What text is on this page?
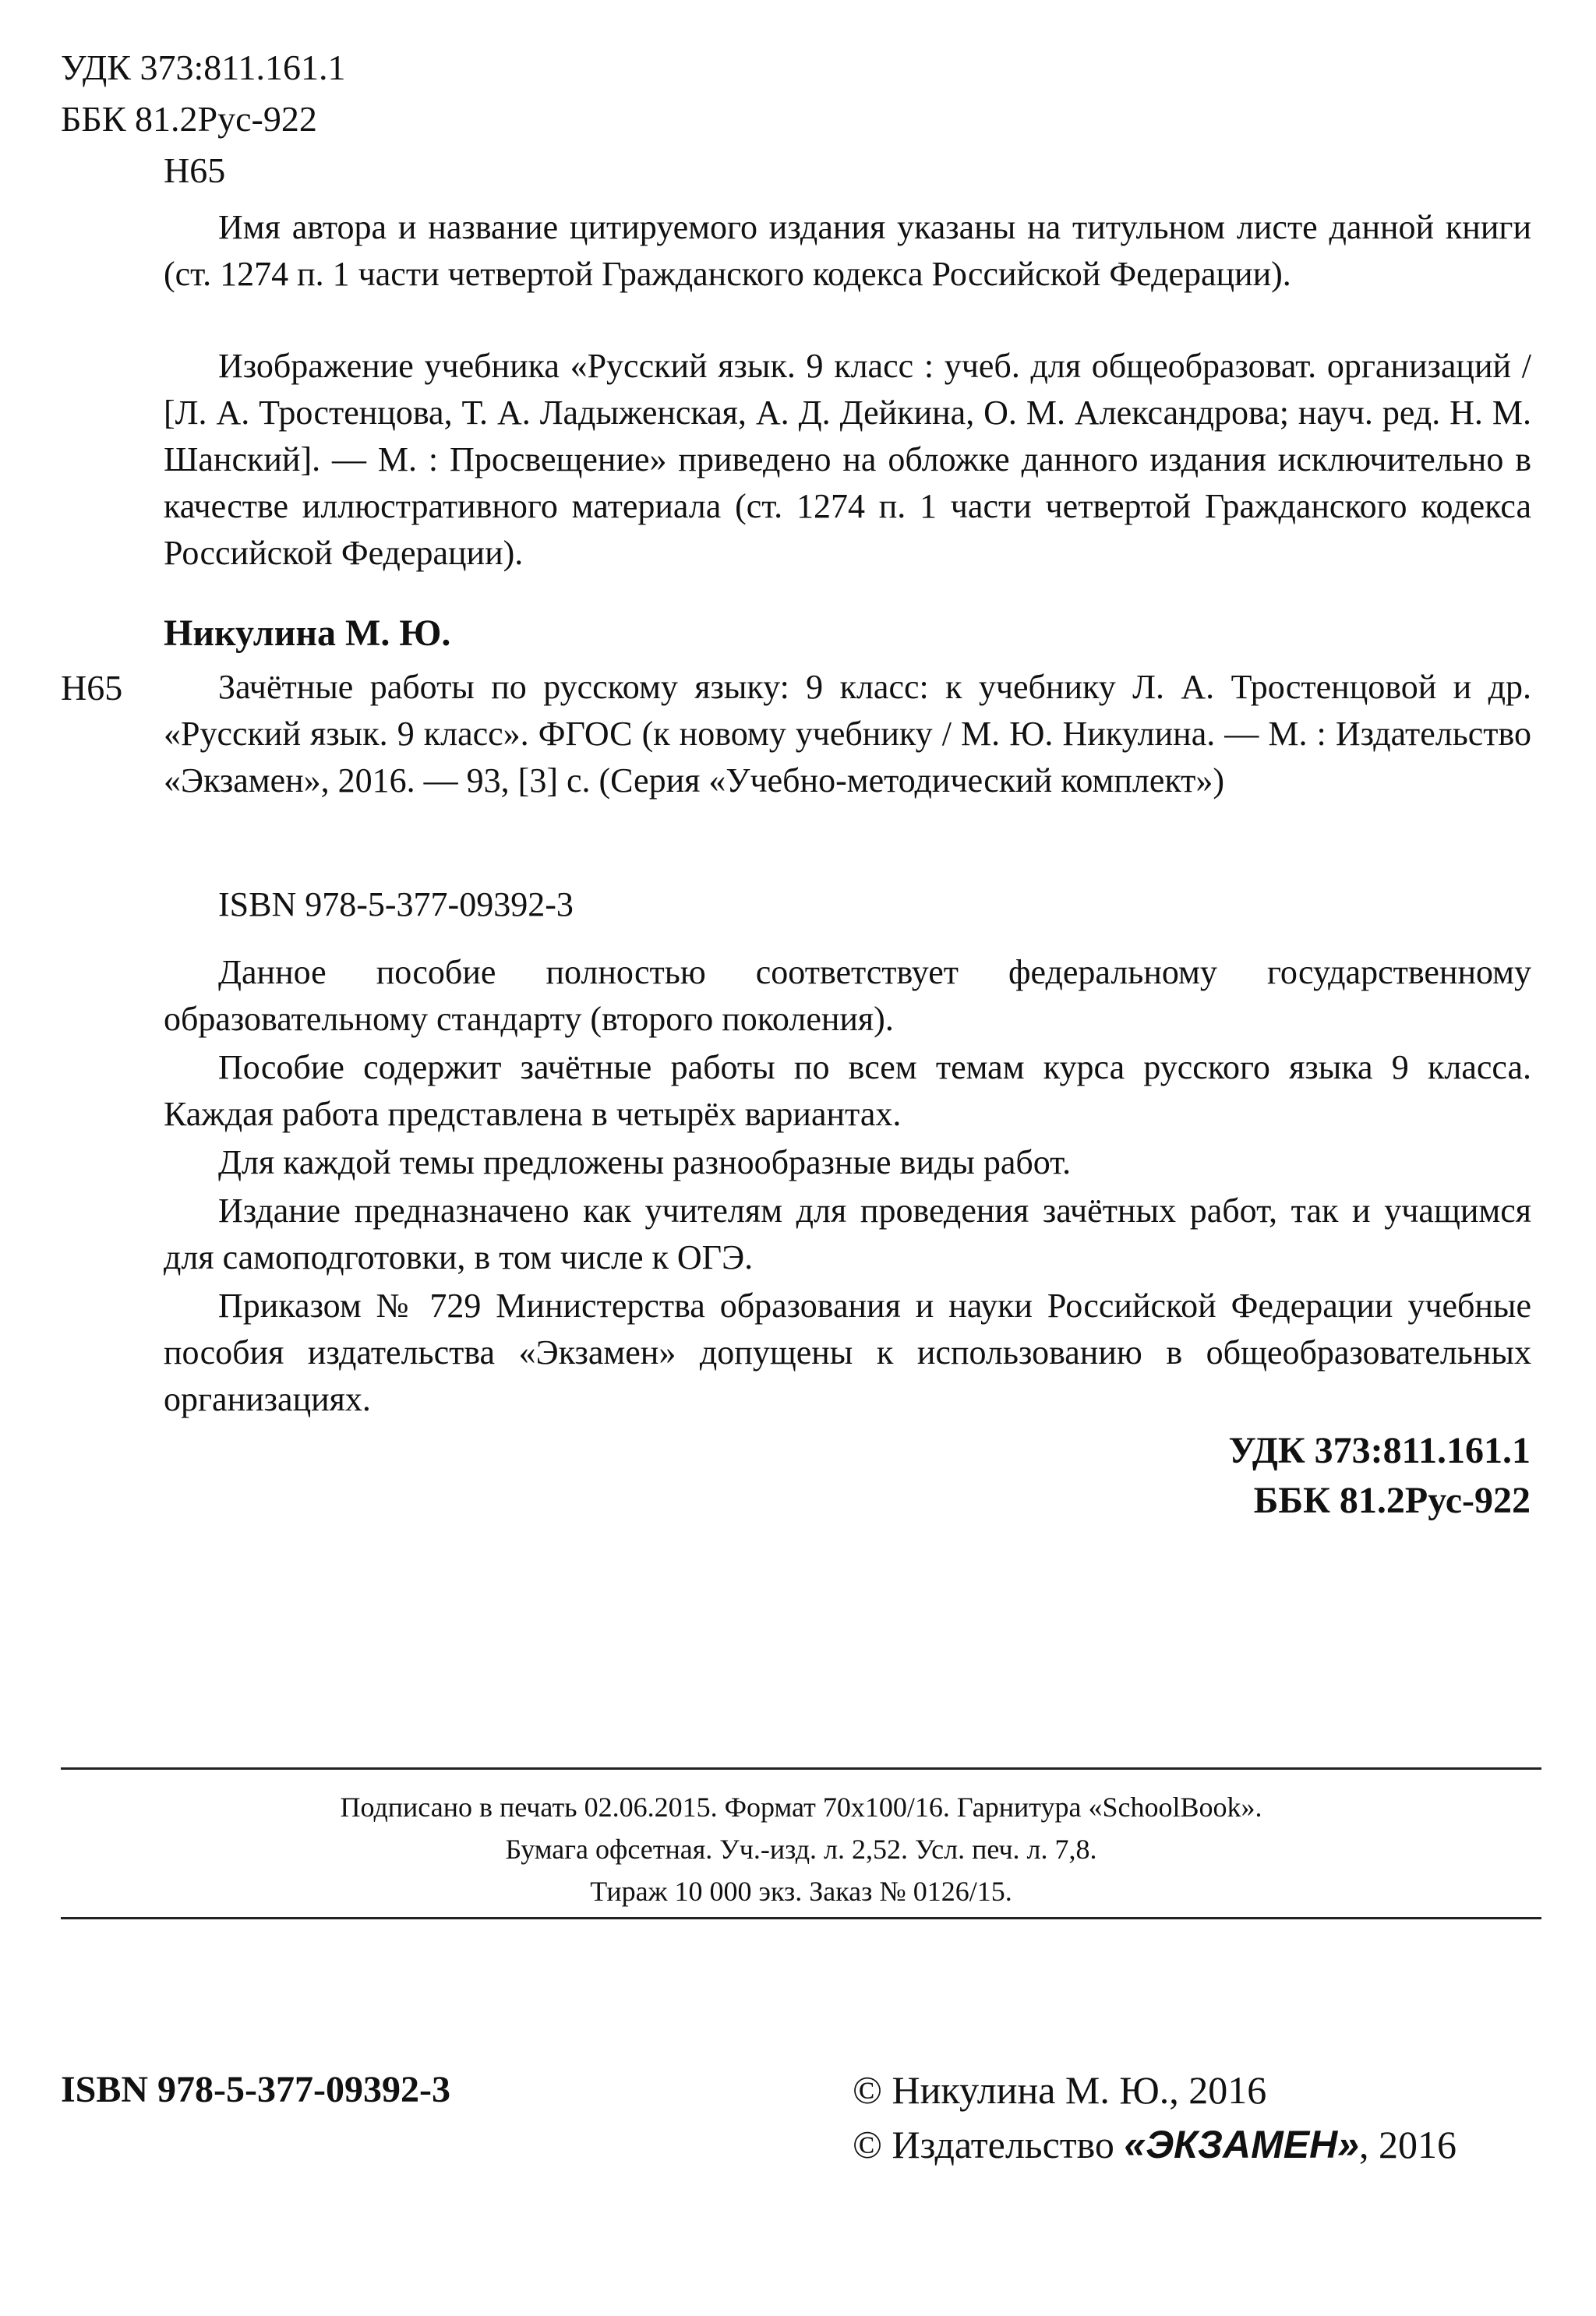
УДК 373:811.161.1
ББК 81.2Рус-922
Н65
Имя автора и название цитируемого издания указаны на титульном листе данной книги (ст. 1274 п. 1 части четвертой Гражданского кодекса Российской Федерации).
Изображение учебника «Русский язык. 9 класс : учеб. для общеобразоват. организаций / [Л. А. Тростенцова, Т. А. Ладыженская, А. Д. Дейкина, О. М. Александрова; науч. ред. Н. М. Шанский]. — М. : Просвещение» приведено на обложке данного издания исключительно в качестве иллюстративного материала (ст. 1274 п. 1 части четвертой Гражданского кодекса Российской Федерации).
Никулина М. Ю.
Н65	Зачётные работы по русскому языку: 9 класс: к учебнику Л. А. Тростенцовой и др. «Русский язык. 9 класс». ФГОС (к новому учебнику / М. Ю. Никулина. — М. : Издательство «Экзамен», 2016. — 93, [3] с. (Серия «Учебно-методический комплект»)
ISBN 978-5-377-09392-3
Данное пособие полностью соответствует федеральному государственному образовательному стандарту (второго поколения).
Пособие содержит зачётные работы по всем темам курса русского языка 9 класса. Каждая работа представлена в четырёх вариантах.
Для каждой темы предложены разнообразные виды работ.
Издание предназначено как учителям для проведения зачётных работ, так и учащимся для самоподготовки, в том числе к ОГЭ.
Приказом № 729 Министерства образования и науки Российской Федерации учебные пособия издательства «Экзамен» допущены к использованию в общеобразовательных организациях.
УДК 373:811.161.1
ББК 81.2Рус-922
Подписано в печать 02.06.2015. Формат 70x100/16. Гарнитура «SchoolBook».
Бумага офсетная. Уч.-изд. л. 2,52. Усл. печ. л. 7,8.
Тираж 10 000 экз. Заказ № 0126/15.
ISBN 978-5-377-09392-3	© Никулина М. Ю., 2016
© Издательство «ЭКЗАМЕН», 2016
